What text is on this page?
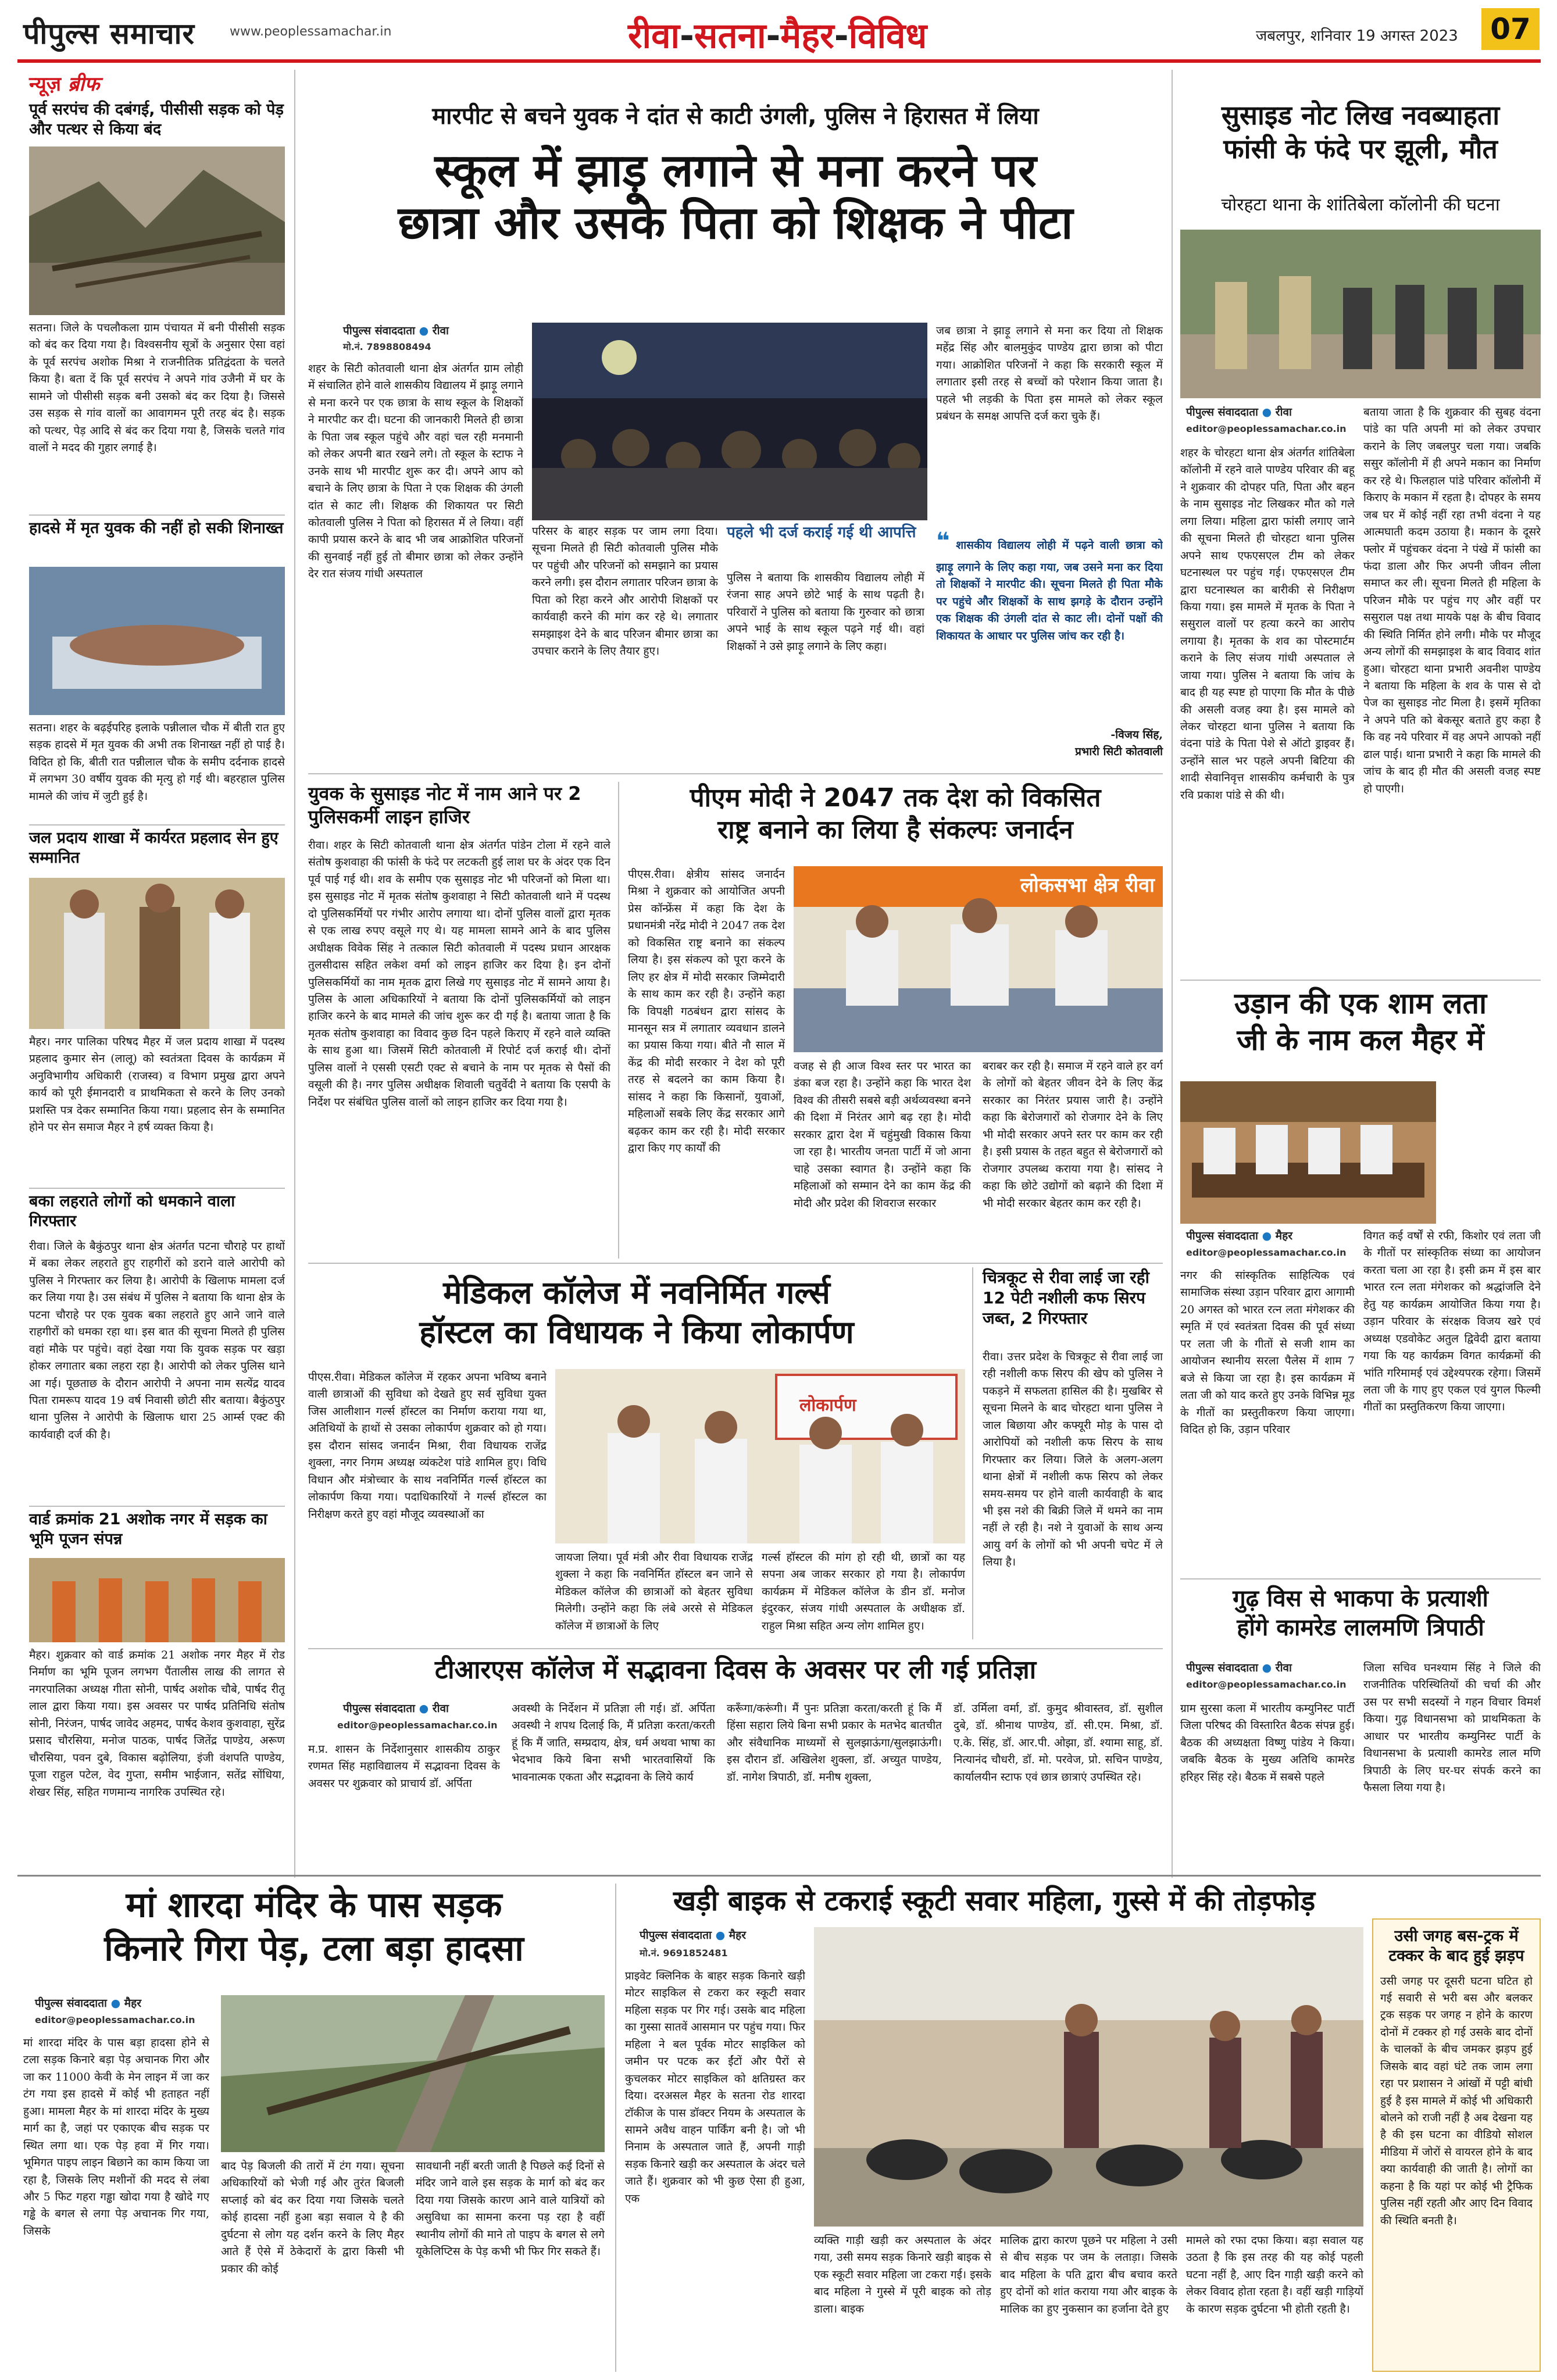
पीपुल्स समाचार	www.peoplessamachar.in	रीवा-सतना-मैहर-विविध	जबलपुर, शनिवार 19 अगस्त 2023	07
न्यूज़ ब्रीफ
पूर्व सरपंच की दबंगई, पीसीसी सड़क को पेड़ और पत्थर से किया बंद
सतना। जिले के पचलौकला ग्राम पंचायत में बनी पीसीसी सड़क को बंद कर दिया गया है। विश्वसनीय सूत्रों के अनुसार ऐसा वहां के पूर्व सरपंच अशोक मिश्रा ने राजनीतिक प्रतिद्वंदता के चलते किया है। बता दें कि पूर्व सरपंच ने अपने गांव उजैनी में घर के सामने जो पीसीसी सड़क बनी उसको बंद कर दिया है। जिससे उस सड़क से गांव वालों का आवागमन पूरी तरह बंद है। सड़क को पत्थर, पेड़ आदि से बंद कर दिया गया है, जिसके चलते गांव वालों ने मदद की गुहार लगाई है।
हादसे में मृत युवक की नहीं हो सकी शिनाख्त
सतना। शहर के बढ़ईपरिह इलाके पन्नीलाल चौक में बीती रात हुए सड़क हादसे में मृत युवक की अभी तक शिनाख्त नहीं हो पाई है। विदित हो कि, बीती रात पन्नीलाल चौक के समीप दर्दनाक हादसे में लगभग 30 वर्षीय युवक की मृत्यु हो गई थी। बहरहाल पुलिस मामले की जांच में जुटी हुई है।
जल प्रदाय शाखा में कार्यरत प्रहलाद सेन हुए सम्मानित
मैहर। नगर पालिका परिषद मैहर में जल प्रदाय शाखा में पदस्थ प्रहलाद कुमार सेन (लालू) को स्वतंत्रता दिवस के कार्यक्रम में अनुविभागीय अधिकारी (राजस्व) व विभाग प्रमुख द्वारा अपने कार्य को पूरी ईमानदारी व प्राथमिकता से करने के लिए उनको प्रशस्ति पत्र देकर सम्मानित किया गया। प्रहलाद सेन के सम्मानित होने पर सेन समाज मैहर ने हर्ष व्यक्त किया है।
बका लहराते लोगों को धमकाने वाला गिरफ्तार
रीवा। जिले के बैकुंठपुर थाना क्षेत्र अंतर्गत पटना चौराहे पर हाथों में बका लेकर लहराते हुए राहगीरों को डराने वाले आरोपी को पुलिस ने गिरफ्तार कर लिया है। आरोपी के खिलाफ मामला दर्ज कर लिया गया है। उस संबंध में पुलिस ने बताया कि थाना क्षेत्र के पटना चौराहे पर एक युवक बका लहराते हुए आने जाने वाले राहगीरों को धमका रहा था। इस बात की सूचना मिलते ही पुलिस वहां मौके पर पहुंचे। वहां देखा गया कि युवक सड़क पर खड़ा होकर लगातार बका लहरा रहा है। आरोपी को लेकर पुलिस थाने आ गई। पूछताछ के दौरान आरोपी ने अपना नाम सत्येंद्र यादव पिता रामरूप यादव 19 वर्ष निवासी छोटी सीर बताया। बैकुंठपुर थाना पुलिस ने आरोपी के खिलाफ धारा 25 आर्म्स एक्ट की कार्यवाही दर्ज की है।
वार्ड क्रमांक 21 अशोक नगर में सड़क का भूमि पूजन संपन्न
मैहर। शुक्रवार को वार्ड क्रमांक 21 अशोक नगर मैहर में रोड निर्माण का भूमि पूजन लगभग पैंतालीस लाख की लागत से नगरपालिका अध्यक्ष गीता सोनी, पार्षद अशोक चौबे, पार्षद रीतू लाल द्वारा किया गया। इस अवसर पर पार्षद प्रतिनिधि संतोष सोनी, निरंजन, पार्षद जावेद अहमद, पार्षद केशव कुशवाहा, सुरेंद्र प्रसाद चौरसिया, मनोज पाठक, पार्षद जितेंद्र पाण्डेय, अरूण चौरसिया, पवन दुबे, विकास बढ़ोलिया, इंजी वंशपति पाण्डेय, पूजा राहुल पटेल, वेद गुप्ता, समीम भाईजान, सतेंद्र सोंधिया, शेखर सिंह, सहित गणमान्य नागरिक उपस्थित रहे।
मारपीट से बचने युवक ने दांत से काटी उंगली, पुलिस ने हिरासत में लिया
स्कूल में झाड़ू लगाने से मना करने पर
छात्रा और उसके पिता को शिक्षक ने पीटा
पीपुल्स संवाददाता ● रीवा
मो.नं. 7898808494
शहर के सिटी कोतवाली थाना क्षेत्र अंतर्गत ग्राम लोही में संचालित होने वाले शासकीय विद्यालय में झाड़ू लगाने से मना करने पर एक छात्रा के साथ स्कूल के शिक्षकों ने मारपीट कर दी। घटना की जानकारी मिलते ही छात्रा के पिता जब स्कूल पहुंचे और वहां चल रही मनमानी को लेकर अपनी बात रखने लगे। तो स्कूल के स्टाफ ने उनके साथ भी मारपीट शुरू कर दी। अपने आप को बचाने के लिए छात्रा के पिता ने एक शिक्षक की उंगली दांत से काट ली। शिक्षक की शिकायत पर सिटी कोतवाली पुलिस ने पिता को हिरासत में ले लिया। वहीं कापी प्रयास करने के बाद भी जब आक्रोशित परिजनों की सुनवाई नहीं हुई तो बीमार छात्रा को लेकर उन्होंने देर रात संजय गांधी अस्पताल
परिसर के बाहर सड़क पर जाम लगा दिया। सूचना मिलते ही सिटी कोतवाली पुलिस मौके पर पहुंची और परिजनों को समझाने का प्रयास करने लगी। इस दौरान लगातार परिजन छात्रा के पिता को रिहा करने और आरोपी शिक्षकों पर कार्यवाही करने की मांग कर रहे थे। लगातार समझाइश देने के बाद परिजन बीमार छात्रा का उपचार कराने के लिए तैयार हुए।
पहले भी दर्ज कराई गई थी आपत्ति
पुलिस ने बताया कि शासकीय विद्यालय लोही में रंजना साह अपने छोटे भाई के साथ पढ़ती है। परिवारों ने पुलिस को बताया कि गुरुवार को छात्रा अपने भाई के साथ स्कूल पढ़ने गई थी। वहां शिक्षकों ने उसे झाड़ू लगाने के लिए कहा।
जब छात्रा ने झाड़ू लगाने से मना कर दिया तो शिक्षक महेंद्र सिंह और बालमुकुंद पाण्डेय द्वारा छात्रा को पीटा गया। आक्रोशित परिजनों ने कहा कि सरकारी स्कूल में लगातार इसी तरह से बच्चों को परेशान किया जाता है। पहले भी लड़की के पिता इस मामले को लेकर स्कूल प्रबंधन के समक्ष आपत्ति दर्ज करा चुके हैं।
❝ शासकीय विद्यालय लोही में पढ़ने वाली छात्रा को झाड़ू लगाने के लिए कहा गया, जब उसने मना कर दिया तो शिक्षकों ने मारपीट की। सूचना मिलते ही पिता मौके पर पहुंचे और शिक्षकों के साथ झगड़े के दौरान उन्होंने एक शिक्षक की उंगली दांत से काट ली। दोनों पक्षों की शिकायत के आधार पर पुलिस जांच कर रही है।
-विजय सिंह,
प्रभारी सिटी कोतवाली
युवक के सुसाइड नोट में नाम आने पर 2 पुलिसकर्मी लाइन हाजिर
रीवा। शहर के सिटी कोतवाली थाना क्षेत्र अंतर्गत पांडेन टोला में रहने वाले संतोष कुशवाहा की फांसी के फंदे पर लटकती हुई लाश घर के अंदर एक दिन पूर्व पाई गई थी। शव के समीप एक सुसाइड नोट भी परिजनों को मिला था। इस सुसाइड नोट में मृतक संतोष कुशवाहा ने सिटी कोतवाली थाने में पदस्थ दो पुलिसकर्मियों पर गंभीर आरोप लगाया था। दोनों पुलिस वालों द्वारा मृतक से एक लाख रुपए वसूले गए थे। यह मामला सामने आने के बाद पुलिस अधीक्षक विवेक सिंह ने तत्काल सिटी कोतवाली में पदस्थ प्रधान आरक्षक तुलसीदास सहित लकेश वर्मा को लाइन हाजिर कर दिया है। इन दोनों पुलिसकर्मियों का नाम मृतक द्वारा लिखे गए सुसाइड नोट में सामने आया है। पुलिस के आला अधिकारियों ने बताया कि दोनों पुलिसकर्मियों को लाइन हाजिर करने के बाद मामले की जांच शुरू कर दी गई है। बताया जाता है कि मृतक संतोष कुशवाहा का विवाद कुछ दिन पहले किराए में रहने वाले व्यक्ति के साथ हुआ था। जिसमें सिटी कोतवाली में रिपोर्ट दर्ज कराई थी। दोनों पुलिस वालों ने एससी एसटी एक्ट से बचाने के नाम पर मृतक से पैसों की वसूली की है। नगर पुलिस अधीक्षक शिवाली चतुर्वेदी ने बताया कि एसपी के निर्देश पर संबंधित पुलिस वालों को लाइन हाजिर कर दिया गया है।
पीएम मोदी ने 2047 तक देश को विकसित
राष्ट्र बनाने का लिया है संकल्पः जनार्दन
पीएस.रीवा। क्षेत्रीय सांसद जनार्दन मिश्रा ने शुक्रवार को आयोजित अपनी प्रेस कॉन्फ्रेंस में कहा कि देश के प्रधानमंत्री नरेंद्र मोदी ने 2047 तक देश को विकसित राष्ट्र बनाने का संकल्प लिया है। इस संकल्प को पूरा करने के लिए हर क्षेत्र में मोदी सरकार जिम्मेदारी के साथ काम कर रही है। उन्होंने कहा कि विपक्षी गठबंधन द्वारा सांसद के मानसून सत्र में लगातार व्यवधान डालने का प्रयास किया गया। बीते नौ साल में केंद्र की मोदी सरकार ने देश को पूरी तरह से बदलने का काम किया है। सांसद ने कहा कि किसानों, युवाओं, महिलाओं सबके लिए केंद्र सरकार आगे बढ़कर काम कर रही है। मोदी सरकार द्वारा किए गए कार्यों की
लोकसभा क्षेत्र रीवा
वजह से ही आज विश्व स्तर पर भारत का डंका बज रहा है। उन्होंने कहा कि भारत देश विश्व की तीसरी सबसे बड़ी अर्थव्यवस्था बनने की दिशा में निरंतर आगे बढ़ रहा है। मोदी सरकार द्वारा देश में चहुंमुखी विकास किया जा रहा है। भारतीय जनता पार्टी में जो आना चाहे उसका स्वागत है। उन्होंने कहा कि महिलाओं को सम्मान देने का काम केंद्र की मोदी और प्रदेश की शिवराज सरकार
बराबर कर रही है। समाज में रहने वाले हर वर्ग के लोगों को बेहतर जीवन देने के लिए केंद्र सरकार का निरंतर प्रयास जारी है। उन्होंने कहा कि बेरोजगारों को रोजगार देने के लिए भी मोदी सरकार अपने स्तर पर काम कर रही है। इसी प्रयास के तहत बहुत से बेरोजगारों को रोजगार उपलब्ध कराया गया है। सांसद ने कहा कि छोटे उद्योगों को बढ़ाने की दिशा में भी मोदी सरकार बेहतर काम कर रही है।
मेडिकल कॉलेज में नवनिर्मित गर्ल्स
हॉस्टल का विधायक ने किया लोकार्पण
पीएस.रीवा। मेडिकल कॉलेज में रहकर अपना भविष्य बनाने वाली छात्राओं की सुविधा को देखते हुए सर्व सुविधा युक्त जिस आलीशान गर्ल्स हॉस्टल का निर्माण कराया गया था, अतिथियों के हाथों से उसका लोकार्पण शुक्रवार को हो गया। इस दौरान सांसद जनार्दन मिश्रा, रीवा विधायक राजेंद्र शुक्ला, नगर निगम अध्यक्ष व्यंकटेश पांडे शामिल हुए। विधि विधान और मंत्रोच्चार के साथ नवनिर्मित गर्ल्स हॉस्टल का लोकार्पण किया गया। पदाधिकारियों ने गर्ल्स हॉस्टल का निरीक्षण करते हुए वहां मौजूद व्यवस्थाओं का
लोकार्पण
जायजा लिया। पूर्व मंत्री और रीवा विधायक राजेंद्र शुक्ला ने कहा कि नवनिर्मित हॉस्टल बन जाने से मेडिकल कॉलेज की छात्राओं को बेहतर सुविधा मिलेगी। उन्होंने कहा कि लंबे अरसे से मेडिकल कॉलेज में छात्राओं के लिए
गर्ल्स हॉस्टल की मांग हो रही थी, छात्रों का यह सपना अब जाकर सरकार हो गया है। लोकार्पण कार्यक्रम में मेडिकल कॉलेज के डीन डॉ. मनोज इंदुरकर, संजय गांधी अस्पताल के अधीक्षक डॉ. राहुल मिश्रा सहित अन्य लोग शामिल हुए।
चित्रकूट से रीवा लाई जा रही 12 पेटी नशीली कफ सिरप जब्त, 2 गिरफ्तार
रीवा। उत्तर प्रदेश के चित्रकूट से रीवा लाई जा रही नशीली कफ सिरप की खेप को पुलिस ने पकड़ने में सफलता हासिल की है। मुखबिर से सूचना मिलने के बाद चोरहटा थाना पुलिस ने जाल बिछाया और कफ्यूरी मोड़ के पास दो आरोपियों को नशीली कफ सिरप के साथ गिरफ्तार कर लिया। जिले के अलग-अलग थाना क्षेत्रों में नशीली कफ सिरप को लेकर समय-समय पर होने वाली कार्यवाही के बाद भी इस नशे की बिक्री जिले में थमने का नाम नहीं ले रही है। नशे ने युवाओं के साथ अन्य आयु वर्ग के लोगों को भी अपनी चपेट में ले लिया है।
टीआरएस कॉलेज में सद्भावना दिवस के अवसर पर ली गई प्रतिज्ञा
पीपुल्स संवाददाता ● रीवा
editor@peoplessamachar.co.in
म.प्र. शासन के निर्देशानुसार शासकीय ठाकुर रणमत सिंह महाविद्यालय में सद्भावना दिवस के अवसर पर शुक्रवार को प्राचार्य डॉ. अर्पिता
अवस्थी के निर्देशन में प्रतिज्ञा ली गई। डॉ. अर्पिता अवस्थी ने शपथ दिलाई कि, मैं प्रतिज्ञा करता/करती हूं कि मैं जाति, सम्प्रदाय, क्षेत्र, धर्म अथवा भाषा का भेदभाव किये बिना सभी भारतवासियों कि भावनात्मक एकता और सद्भावना के लिये कार्य
करूँगा/करूंगी। मैं पुनः प्रतिज्ञा करता/करती हूं कि मैं हिंसा सहारा लिये बिना सभी प्रकार के मतभेद बातचीत और संवैधानिक माध्यमों से सुलझाऊंगा/सुलझाऊंगी। इस दौरान डॉ. अखिलेश शुक्ला, डॉ. अच्युत पाण्डेय, डॉ. नागेश त्रिपाठी, डॉ. मनीष शुक्ला,
डॉ. उर्मिला वर्मा, डॉ. कुमुद श्रीवास्तव, डॉ. सुशील दुबे, डॉ. श्रीनाथ पाण्डेय, डॉ. सी.एम. मिश्रा, डॉ. ए.के. सिंह, डॉ. आर.पी. ओझा, डॉ. श्यामा साहू, डॉ. नित्यानंद चौधरी, डॉ. मो. परवेज, प्रो. सचिन पाण्डेय, कार्यालयीन स्टाफ एवं छात्र छात्राएं उपस्थित रहे।
सुसाइड नोट लिख नवब्याहता
फांसी के फंदे पर झूली, मौत
चोरहटा थाना के शांतिबेला कॉलोनी की घटना
पीपुल्स संवाददाता ● रीवा
editor@peoplessamachar.co.in
शहर के चोरहटा थाना क्षेत्र अंतर्गत शांतिबेला कॉलोनी में रहने वाले पाण्डेय परिवार की बहू ने शुक्रवार की दोपहर पति, पिता और बहन के नाम सुसाइड नोट लिखकर मौत को गले लगा लिया। महिला द्वारा फांसी लगाए जाने की सूचना मिलते ही चोरहटा थाना पुलिस अपने साथ एफएसएल टीम को लेकर घटनास्थल पर पहुंच गई। एफएसएल टीम द्वारा घटनास्थल का बारीकी से निरीक्षण किया गया। इस मामले में मृतक के पिता ने ससुराल वालों पर हत्या करने का आरोप लगाया है। मृतका के शव का पोस्टमार्टम कराने के लिए संजय गांधी अस्पताल ले जाया गया। पुलिस ने बताया कि जांच के बाद ही यह स्पष्ट हो पाएगा कि मौत के पीछे की असली वजह क्या है। इस मामले को लेकर चोरहटा थाना पुलिस ने बताया कि वंदना पांडे के पिता पेशे से ऑटो ड्राइवर हैं। उन्होंने साल भर पहले अपनी बिटिया की शादी सेवानिवृत्त शासकीय कर्मचारी के पुत्र रवि प्रकाश पांडे से की थी।
बताया जाता है कि शुक्रवार की सुबह वंदना पांडे का पति अपनी मां को लेकर उपचार कराने के लिए जबलपुर चला गया। जबकि ससुर कॉलोनी में ही अपने मकान का निर्माण कर रहे थे। फिलहाल पांडे परिवार कॉलोनी में किराए के मकान में रहता है। दोपहर के समय जब घर में कोई नहीं रहा तभी वंदना ने यह आत्मघाती कदम उठाया है। मकान के दूसरे फ्लोर में पहुंचकर वंदना ने पंखे में फांसी का फंदा डाला और फिर अपनी जीवन लीला समाप्त कर ली। सूचना मिलते ही महिला के परिजन मौके पर पहुंच गए और वहीं पर ससुराल पक्ष तथा मायके पक्ष के बीच विवाद की स्थिति निर्मित होने लगी। मौके पर मौजूद अन्य लोगों की समझाइश के बाद विवाद शांत हुआ। चोरहटा थाना प्रभारी अवनीश पाण्डेय ने बताया कि महिला के शव के पास से दो पेज का सुसाइड नोट मिला है। इसमें मृतिका ने अपने पति को बेकसूर बताते हुए कहा है कि वह नये परिवार में वह अपने आपको नहीं ढाल पाई। थाना प्रभारी ने कहा कि मामले की जांच के बाद ही मौत की असली वजह स्पष्ट हो पाएगी।
उड़ान की एक शाम लता
जी के नाम कल मैहर में
पीपुल्स संवाददाता ● मैहर
editor@peoplessamachar.co.in
नगर की सांस्कृतिक साहित्यिक एवं सामाजिक संस्था उड़ान परिवार द्वारा आगामी 20 अगस्त को भारत रत्न लता मंगेशकर की स्मृति में एवं स्वतंत्रता दिवस की पूर्व संध्या पर लता जी के गीतों से सजी शाम का आयोजन स्थानीय सरला पैलेस में शाम 7 बजे से किया जा रहा है। इस कार्यक्रम में लता जी को याद करते हुए उनके विभिन्न मूड के गीतों का प्रस्तुतीकरण किया जाएगा। विदित हो कि, उड़ान परिवार
विगत कई वर्षों से रफी, किशोर एवं लता जी के गीतों पर सांस्कृतिक संध्या का आयोजन करता चला आ रहा है। इसी क्रम में इस बार भारत रत्न लता मंगेशकर को श्रद्धांजलि देने हेतु यह कार्यक्रम आयोजित किया गया है। उड़ान परिवार के संरक्षक विजय खरे एवं अध्यक्ष एडवोकेट अतुल द्विवेदी द्वारा बताया गया कि यह कार्यक्रम विगत कार्यक्रमों की भांति गरिमामई एवं उद्देश्यपरक रहेगा। जिसमें लता जी के गाए हुए एकल एवं युगल फिल्मी गीतों का प्रस्तुतिकरण किया जाएगा।
गुढ़ विस से भाकपा के प्रत्याशी
होंगे कामरेड लालमणि त्रिपाठी
पीपुल्स संवाददाता ● रीवा
editor@peoplessamachar.co.in
ग्राम सुरसा कला में भारतीय कम्युनिस्ट पार्टी जिला परिषद की विस्तारित बैठक संपन्न हुई। बैठक की अध्यक्षता विष्णु पांडेय ने किया। जबकि बैठक के मुख्य अतिथि कामरेड हरिहर सिंह रहे। बैठक में सबसे पहले
जिला सचिव घनश्याम सिंह ने जिले की राजनीतिक परिस्थितियों की चर्चा की और उस पर सभी सदस्यों ने गहन विचार विमर्श किया। गुढ़ विधानसभा को प्राथमिकता के आधार पर भारतीय कम्युनिस्ट पार्टी के विधानसभा के प्रत्याशी कामरेड लाल मणि त्रिपाठी के लिए घर-घर संपर्क करने का फैसला लिया गया है।
मां शारदा मंदिर के पास सड़क
किनारे गिरा पेड़, टला बड़ा हादसा
पीपुल्स संवाददाता ● मैहर
editor@peoplessamachar.co.in
मां शारदा मंदिर के पास बड़ा हादसा होने से टला सड़क किनारे बड़ा पेड़ अचानक गिरा और जा कर 11000 केवी के मेन लाइन में जा कर टंग गया इस हादसे में कोई भी हताहत नहीं हुआ। मामला मैहर के मां शारदा मंदिर के मुख्य मार्ग का है, जहां पर एकाएक बीच सड़क पर स्थित लगा था। एक पेड़ हवा में गिर गया। भूमिगत पाइप लाइन बिछाने का काम किया जा रहा है, जिसके लिए मशीनों की मदद से लंबा और 5 फिट गहरा गड्ढा खोदा गया है खोदे गए गड्ढे के बगल से लगा पेड़ अचानक गिर गया, जिसके
बाद पेड़ बिजली की तारों में टंग गया। सूचना अधिकारियों को भेजी गई और तुरंत बिजली सप्लाई को बंद कर दिया गया जिसके चलते कोई हादसा नहीं हुआ बड़ा सवाल ये है की दुर्घटना से लोग यह दर्शन करने के लिए मैहर आते हैं ऐसे में ठेकेदारों के द्वारा किसी भी प्रकार की कोई
सावधानी नहीं बरती जाती है पिछले कई दिनों से मंदिर जाने वाले इस सड़क के मार्ग को बंद कर दिया गया जिसके कारण आने वाले यात्रियों को असुविधा का सामना करना पड़ रहा है वहीं स्थानीय लोगों की माने तो पाइप के बगल से लगे यूकेलिप्टिस के पेड़ कभी भी फिर गिर सकते हैं।
खड़ी बाइक से टकराई स्कूटी सवार महिला, गुस्से में की तोड़फोड़
पीपुल्स संवाददाता ● मैहर
मो.नं. 9691852481
प्राइवेट क्लिनिक के बाहर सड़क किनारे खड़ी मोटर साइकिल से टकरा कर स्कूटी सवार महिला सड़क पर गिर गई। उसके बाद महिला का गुस्सा सातवें आसमान पर पहुंच गया। फिर महिला ने बल पूर्वक मोटर साइकिल को जमीन पर पटक कर ईंटों और पैरों से कुचलकर मोटर साइकिल को क्षतिग्रस्त कर दिया। दरअसल मैहर के सतना रोड शारदा टॉकीज के पास डॉक्टर नियम के अस्पताल के सामने अवैध वाहन पार्किंग बनी है। जो भी निनाम के अस्पताल जाते हैं, अपनी गाड़ी सड़क किनारे खड़ी कर अस्पताल के अंदर चले जाते हैं। शुक्रवार को भी कुछ ऐसा ही हुआ, एक
व्यक्ति गाड़ी खड़ी कर अस्पताल के अंदर गया, उसी समय सड़क किनारे खड़ी बाइक से एक स्कूटी सवार महिला जा टकरा गई। इसके बाद महिला ने गुस्से में पूरी बाइक को तोड़ डाला। बाइक
मालिक द्वारा कारण पूछने पर महिला ने उसी से बीच सड़क पर जम के लताड़ा। जिसके बाद महिला के पति द्वारा बीच बचाव करते हुए दोनों को शांत कराया गया और बाइक के मालिक का हुए नुकसान का हर्जाना देते हुए
मामले को रफा दफा किया। बड़ा सवाल यह उठता है कि इस तरह की यह कोई पहली घटना नहीं है, आए दिन गाड़ी खड़ी करने को लेकर विवाद होता रहता है। वहीं खड़ी गाड़ियों के कारण सड़क दुर्घटना भी होती रहती है।
उसी जगह बस-ट्रक में टक्कर के बाद हुई झड़प
उसी जगह पर दूसरी घटना घटित हो गई सवारी से भरी बस और बलकर ट्रक सड़क पर जगह न होने के कारण दोनों में टक्कर हो गई उसके बाद दोनों के चालकों के बीच जमकर झड़प हुई जिसके बाद वहां घंटे तक जाम लगा रहा पर प्रशासन ने आंखों में पट्टी बांधी हुई है इस मामले में कोई भी अधिकारी बोलने को राजी नहीं है अब देखना यह है की इस घटना का वीडियो सोशल मीडिया में जोरों से वायरल होने के बाद क्या कार्यवाही की जाती है। लोगों का कहना है कि यहां पर कोई भी ट्रैफिक पुलिस नहीं रहती और आए दिन विवाद की स्थिति बनती है।
